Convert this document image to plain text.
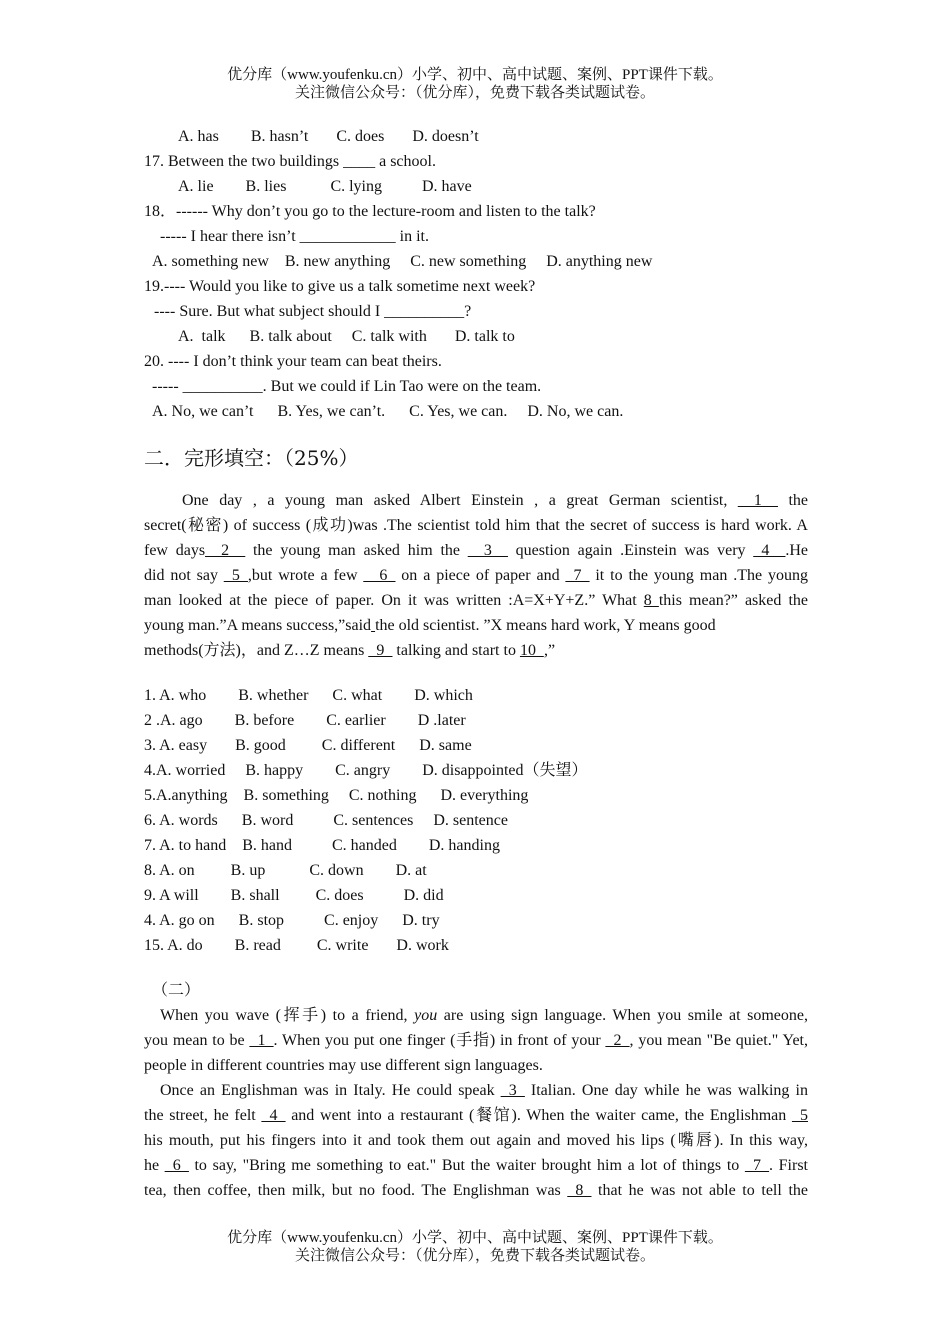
优分库（www.youfenku.cn）小学、初中、高中试题、案例、PPT课件下载。
关注微信公众号：（优分库），免费下载各类试题试卷。
A. has        B. hasn’t       C. does       D. doesn’t
17. Between the two buildings ____ a school.
A. lie        B. lies           C. lying          D. have
18．------ Why don’t you go to the lecture-room and listen to the talk?
----- I hear there isn’t ____________ in it.
A. something new    B. new anything     C. new something     D. anything new
19.---- Would you like to give us a talk sometime next week?
---- Sure. But what subject should I __________?
A.  talk      B. talk about     C. talk with       D. talk to
20. ---- I don’t think your team can beat theirs.
----- __________. But we could if Lin Tao were on the team.
A. No, we can’t      B. Yes, we can’t.      C. Yes, we can.     D. No, we can.
二．完形填空：（25%）
One day , a young man asked Albert Einstein , a great German scientist, __1__ the
secret(秘密) of success (成功)was .The scientist told him that the secret of success is hard work. A
few days__2__ the young man asked him the __3__ question again .Einstein was very _4__.He
did not say _5_,but wrote a few __6_ on a piece of paper and _7_ it to the young man .The young
man looked at the piece of paper. On it was written :A=X+Y+Z.” What 8 this mean?” asked the
young man.”A means success,”said the old scientist. ”X means hard work, Y means good
methods(方法)，and Z…Z means _9_ talking and start to 10_,”
1. A. who        B. whether      C. what        D. which
2 .A. ago        B. before        C. earlier        D .later
3. A. easy       B. good         C. different      D. same
4.A. worried     B. happy        C. angry        D. disappointed（失望）
5.A.anything    B. something     C. nothing      D. everything
6. A. words      B. word          C. sentences     D. sentence
7. A. to hand    B. hand          C. handed        D. handing
8. A. on         B. up           C. down        D. at
9. A will        B. shall         C. does          D. did
4. A. go on      B. stop          C. enjoy      D. try
15. A. do        B. read         C. write       D. work
（二）
When you wave (挥手) to a friend, you are using sign language. When you smile at someone,
you mean to be _1_. When you put one finger (手指) in front of your _2_, you mean "Be quiet." Yet,
people in different countries may use different sign languages.
Once an Englishman was in Italy. He could speak _3_ Italian. One day while he was walking in
the street, he felt _4_ and went into a restaurant (餐馆). When the waiter came, the Englishman _5
his mouth, put his fingers into it and took them out again and moved his lips (嘴唇). In this way,
he _6_ to say, "Bring me something to eat." But the waiter brought him a lot of things to _7_. First
tea, then coffee, then milk, but no food. The Englishman was _8_ that he was not able to tell the
优分库（www.youfenku.cn）小学、初中、高中试题、案例、PPT课件下载。
关注微信公众号：（优分库），免费下载各类试题试卷。
